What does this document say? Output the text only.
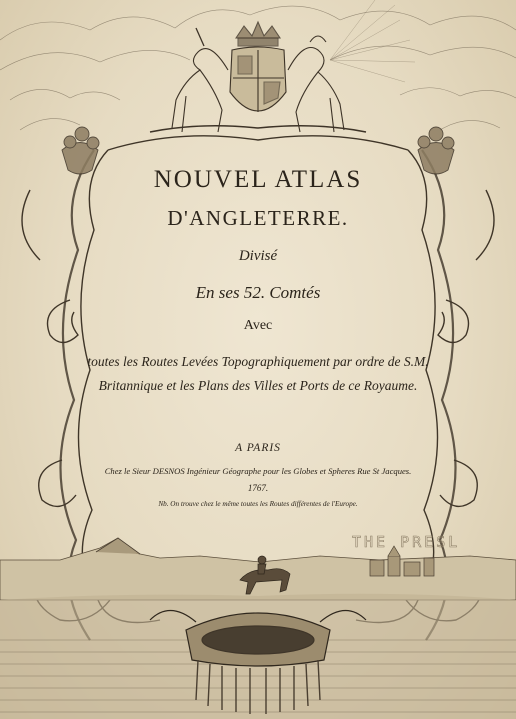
NOUVEL ATLAS
D'ANGLETERRE.
Divisé
En ses 52. Comtés
Avec
toutes les Routes Levées Topographiquement par ordre de S.M. Britannique et les Plans des Villes et Ports de ce Royaume.
A PARIS
Chez le Sieur DESNOS Ingénieur Géographe pour les Globes et Spheres Rue St Jacques.
1767.
Nb. On trouve chez le même toutes les Routes différentes de l'Europe.
THE PRESL
